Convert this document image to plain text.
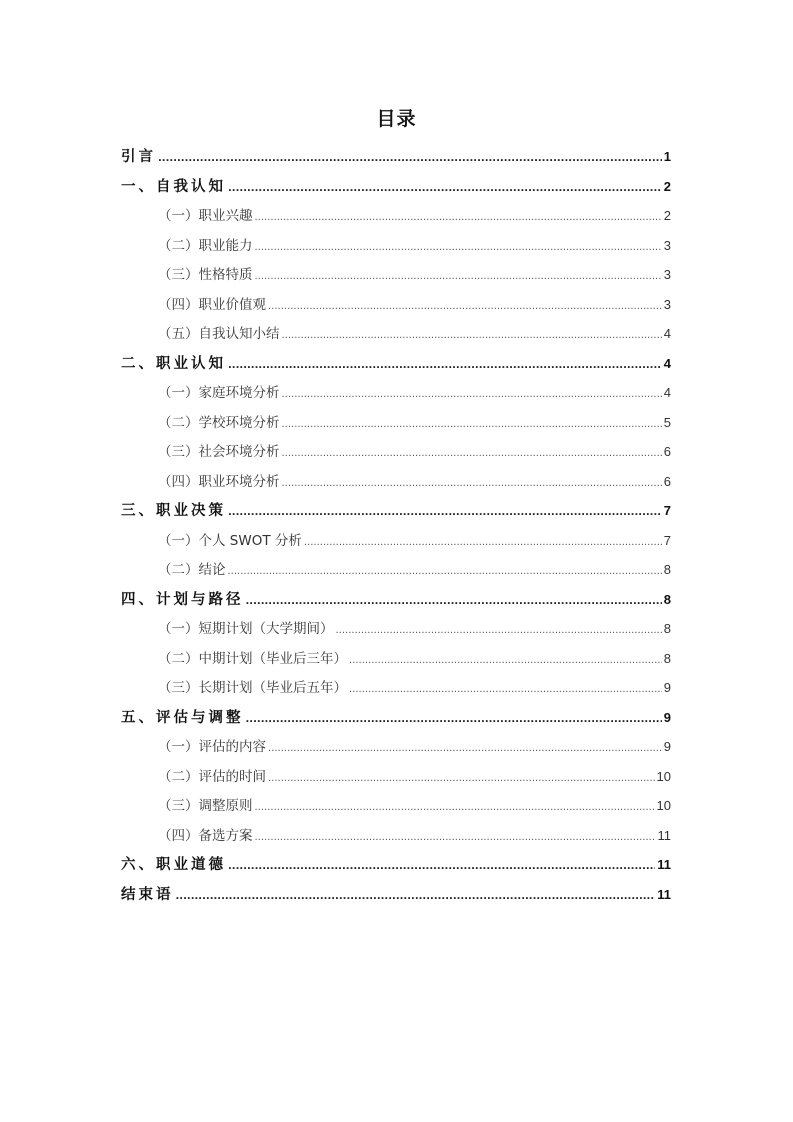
目录
引言 .....	1
一、自我认知 .....	2
（一）职业兴趣 .....	2
（二）职业能力 .....	3
（三）性格特质 .....	3
（四）职业价值观 .....	3
（五）自我认知小结 .....	4
二、职业认知 .....	4
（一）家庭环境分析 .....	4
（二）学校环境分析 .....	5
（三）社会环境分析 .....	6
（四）职业环境分析 .....	6
三、职业决策 .....	7
（一）个人 SWOT 分析 .....	7
（二）结论 .....	8
四、计划与路径 .....	8
（一）短期计划（大学期间） .....	8
（二）中期计划（毕业后三年） .....	8
（三）长期计划（毕业后五年） .....	9
五、评估与调整 .....	9
（一）评估的内容 .....	9
（二）评估的时间 .....	10
（三）调整原则 .....	10
（四）备选方案 .....	11
六、职业道德 .....	11
结束语 .....	11
